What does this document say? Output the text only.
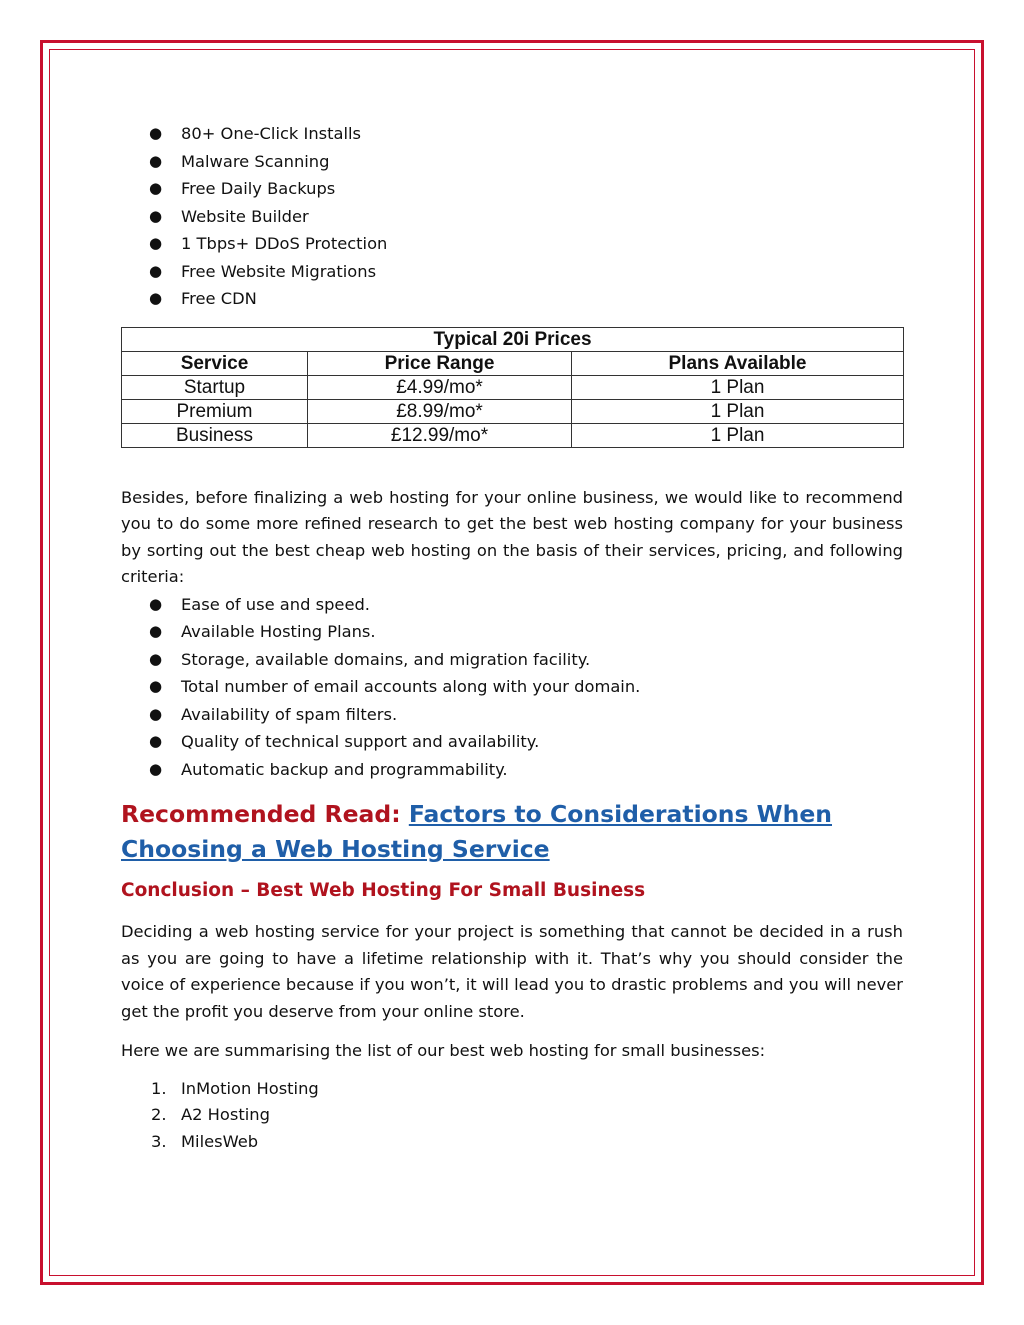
● 80+ One-Click Installs
● Malware Scanning
● Free Daily Backups
● Website Builder
● 1 Tbps+ DDoS Protection
● Free Website Migrations
● Free CDN
Typical 20i Prices		
Service	Price Range	Plans Available
Startup	£4.99/mo*	1 Plan
Premium	£8.99/mo*	1 Plan
Business	£12.99/mo*	1 Plan

Besides, before finalizing a web hosting for your online business, we would like to recommend you to do some more refined research to get the best web hosting company for your business by sorting out the best cheap web hosting on the basis of their services, pricing, and following criteria:

● Ease of use and speed.
● Available Hosting Plans.
● Storage, available domains, and migration facility.
● Total number of email accounts along with your domain.
● Availability of spam filters.
● Quality of technical support and availability.
● Automatic backup and programmability.
Recommended Read: Factors to Considerations When Choosing a Web Hosting Service
Conclusion – Best Web Hosting For Small Business

Deciding a web hosting service for your project is something that cannot be decided in a rush as you are going to have a lifetime relationship with it. That’s why you should consider the voice of experience because if you won’t, it will lead you to drastic problems and you will never get the profit you deserve from your online store.

Here we are summarising the list of our best web hosting for small businesses:

1. InMotion Hosting
2. A2 Hosting
3. MilesWeb
